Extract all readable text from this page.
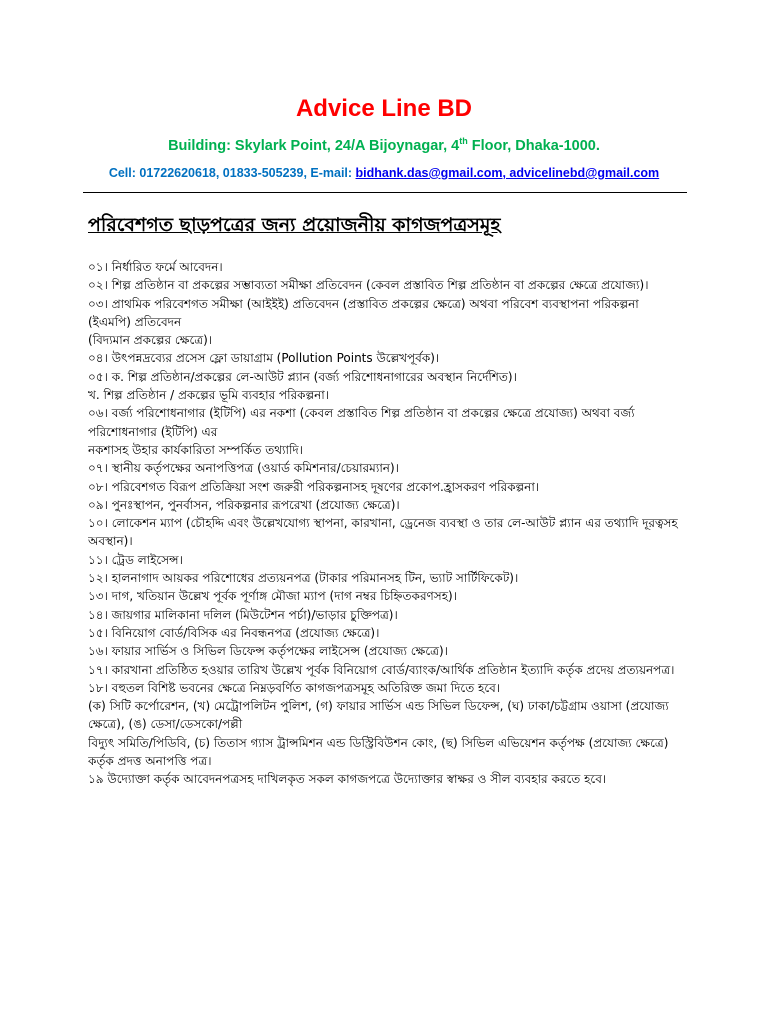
Advice Line BD
Building: Skylark Point, 24/A Bijoynagar, 4th Floor, Dhaka-1000.
Cell: 01722620618, 01833-505239, E-mail: bidhank.das@gmail.com, advicelinebd@gmail.com
পরিবেশগত ছাড়পত্রের জন্য প্রয়োজনীয় কাগজপত্রসমূহ
০১। নির্ধারিত ফর্মে আবেদন।
০২। শিল্প প্রতিষ্ঠান বা প্রকল্পের সম্ভাব্যতা সমীক্ষা প্রতিবেদন (কেবল প্রস্তাবিত শিল্প প্রতিষ্ঠান বা প্রকল্পের ক্ষেত্রে প্রযোজ্য)।
০৩। প্রাথমিক পরিবেশগত সমীক্ষা (আইইই) প্রতিবেদন (প্রস্তাবিত প্রকল্পের ক্ষেত্রে) অথবা পরিবেশ ব্যবস্থাপনা পরিকল্পনা
(ইএমপি) প্রতিবেদন
(বিদ্যমান প্রকল্পের ক্ষেত্রে)।
০৪। উৎপন্নদ্রব্যের প্রসেস ফ্লো ডায়াগ্রাম (Pollution Points উল্লেখপূর্বক)।
০৫। ক. শিল্প প্রতিষ্ঠান/প্রকল্পের লে-আউট প্ল্যান (বর্জ্য পরিশোধনাগারের অবস্থান নির্দেশিত)।
খ. শিল্প প্রতিষ্ঠান / প্রকল্পের ভূমি ব্যবহার পরিকল্পনা।
০৬। বর্জ্য পরিশোধনাগার (ইটিপি) এর নকশা (কেবল প্রস্তাবিত শিল্প প্রতিষ্ঠান বা প্রকল্পের ক্ষেত্রে প্রযোজ্য) অথবা বর্জ্য
পরিশোধনাগার (ইটিপি) এর
নকশাসহ উহার কার্যকারিতা সম্পর্কিত তথ্যাদি।
০৭। স্থানীয় কর্তৃপক্ষের অনাপত্তিপত্র (ওয়ার্ড কমিশনার/চেয়ারম্যান)।
০৮। পরিবেশগত বিরূপ প্রতিক্রিয়া সংশ জরুরী পরিকল্পনাসহ দূষণের প্রকোপ.হ্রাসকরণ পরিকল্পনা।
০৯। পুনঃস্থাপন, পুনর্বাসন, পরিকল্পনার রূপরেখা (প্রযোজ্য ক্ষেত্রে)।
১০। লোকেশন ম্যাপ (চৌহদ্দি এবং উল্লেখযোগ্য স্থাপনা, কারখানা, ড্রেনেজ ব্যবস্থা ও তার লে-আউট প্ল্যান এর তথ্যাদি দূরত্বসহ
অবস্থান)।
১১। ট্রেড লাইসেন্স।
১২। হালনাগাদ আয়কর পরিশোধের প্রত্যয়নপত্র (টাকার পরিমানসহ টিন, ভ্যাট সার্টিফিকেট)।
১৩। দাগ, খতিয়ান উল্লেখ পূর্বক পূর্ণাঙ্গ মৌজা ম্যাপ (দাগ নম্বর চিহ্নিতকরণসহ)।
১৪। জায়গার মালিকানা দলিল (মিউটেশন পর্চা)/ভাড়ার চুক্তিপত্র)।
১৫। বিনিয়োগ বোর্ড/বিসিক এর নিবন্ধনপত্র (প্রযোজ্য ক্ষেত্রে)।
১৬। ফায়ার সার্ভিস ও সিভিল ডিফেন্স কর্তৃপক্ষের লাইসেন্স (প্রযোজ্য ক্ষেত্রে)।
১৭। কারখানা প্রতিষ্ঠিত হওয়ার তারিখ উল্লেখ পূর্বক বিনিয়োগ বোর্ড/ব্যাংক/আর্থিক প্রতিষ্ঠান ইত্যাদি কর্তৃক প্রদেয় প্রত্যয়নপত্র।
১৮। বহুতল বিশিষ্ট ভবনের ক্ষেত্রে নিম্নড়বর্ণিত কাগজপত্রসমূহ অতিরিক্ত জমা দিতে হবে।
(ক) সিটি কর্পোরেশন, (খ) মেট্রোপলিটন পুলিশ, (গ) ফায়ার সার্ভিস এন্ড সিভিল ডিফেন্স, (ঘ) ঢাকা/চট্টগ্রাম ওয়াসা (প্রযোজ্য
ক্ষেত্রে), (ঙ) ডেসা/ডেসকো/পল্লী
বিদ্যুৎ সমিতি/পিডিবি, (চ) তিতাস গ্যাস ট্রান্সমিশন এন্ড ডিস্ট্রিবিউশন কোং, (ছ) সিভিল এভিয়েশন কর্তৃপক্ষ (প্রযোজ্য ক্ষেত্রে)
কর্তৃক প্রদত্ত অনাপত্তি পত্র।
১৯ উদ্যোক্তা কর্তৃক আবেদনপত্রসহ দাখিলকৃত সকল কাগজপত্রে উদ্যোক্তার স্বাক্ষর ও সীল ব্যবহার করতে হবে।
